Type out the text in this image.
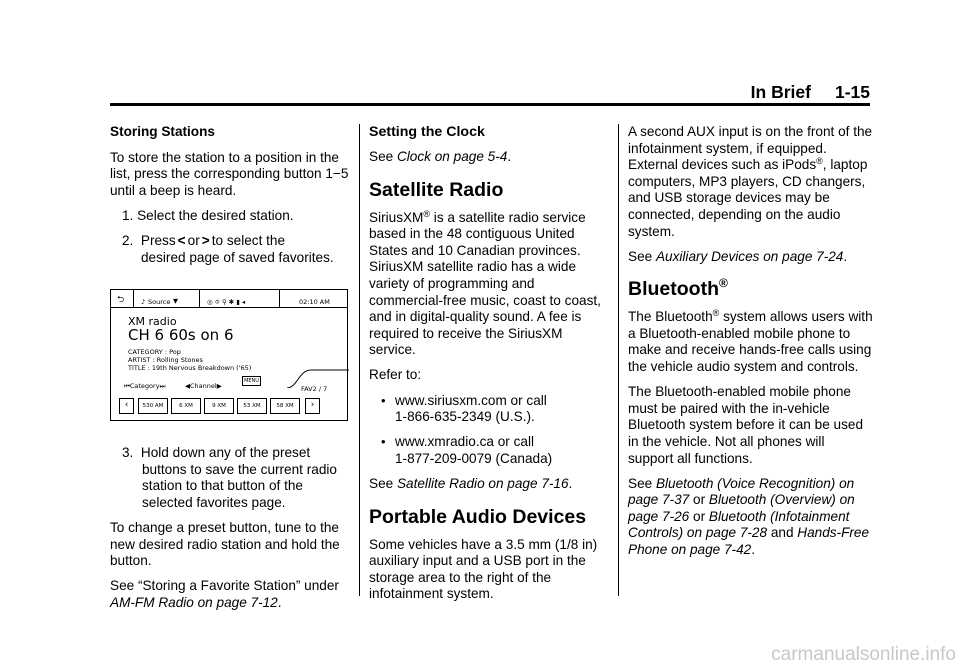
In Brief 1-15

Storing Stations

To store the station to a position in the list, press the corresponding button 1−5 until a beep is heard.

1. Select the desired station.

2. Press < or > to select the

desired page of saved favorites.

⮌	♪ Source ▼	◎ ⯑ ⚲ ✱ ▮ ◂	02:10 AM
XM radio
CH 6 60s on 6
CATEGORY : Pop
ARTIST : Rolling Stones
TITLE : 19th Nervous Breakdown ('65)
⏮Category⏭	◀Channel▶
MENU
FAV2 / 7
‹	530 AM	6 XM	9 XM	53 XM	58 XM	›

3. Hold down any of the preset
buttons to save the current radio station to that button of the selected favorites page.

To change a preset button, tune to the new desired radio station and hold the button.

See “Storing a Favorite Station” under AM-FM Radio on page 7-12.

Setting the Clock

See Clock on page 5-4.

Satellite Radio

SiriusXM® is a satellite radio service based in the 48 contiguous United States and 10 Canadian provinces. SiriusXM satellite radio has a wide variety of programming and commercial-free music, coast to coast, and in digital-quality sound. A fee is required to receive the SiriusXM service.

Refer to:

• www.siriusxm.com or call
1-866-635-2349 (U.S.).
• www.xmradio.ca or call
1-877-209-0079 (Canada)

See Satellite Radio on page 7-16.

Portable Audio Devices

Some vehicles have a 3.5 mm (1/8 in) auxiliary input and a USB port in the storage area to the right of the infotainment system.

A second AUX input is on the front of the infotainment system, if equipped. External devices such as iPods®, laptop computers, MP3 players, CD changers, and USB storage devices may be connected, depending on the audio system.

See Auxiliary Devices on page 7-24.

Bluetooth®

The Bluetooth® system allows users with a Bluetooth-enabled mobile phone to make and receive hands-free calls using the vehicle audio system and controls.

The Bluetooth-enabled mobile phone must be paired with the in-vehicle Bluetooth system before it can be used in the vehicle. Not all phones will support all functions.

See Bluetooth (Voice Recognition) on page 7-37 or Bluetooth (Overview) on page 7-26 or Bluetooth (Infotainment Controls) on page 7-28 and Hands-Free Phone on page 7-42.

carmanualsonline.info
